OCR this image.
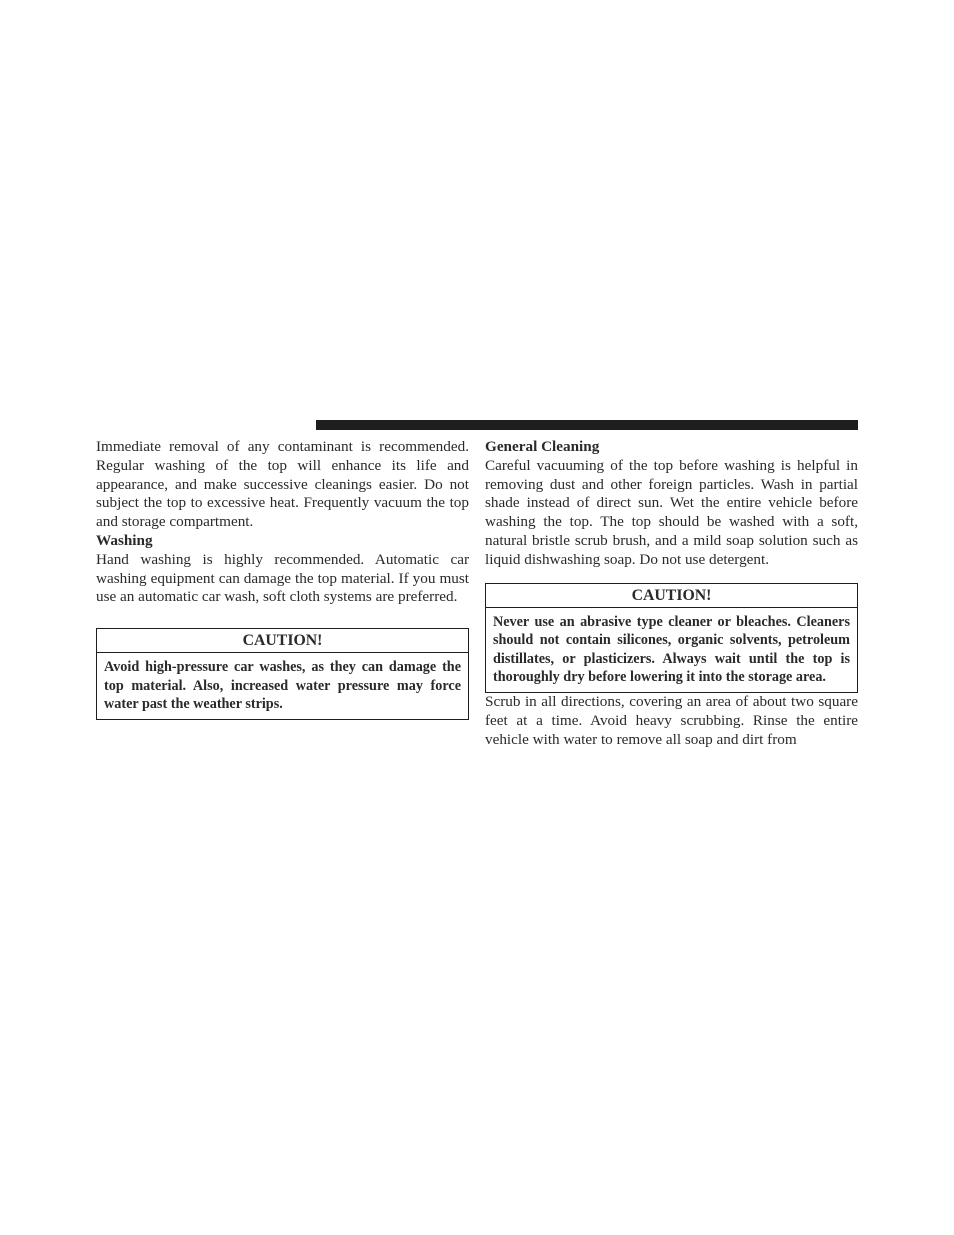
Immediate removal of any contaminant is recommended. Regular washing of the top will enhance its life and appearance, and make successive cleanings easier. Do not subject the top to excessive heat. Frequently vacuum the top and storage compartment.

Washing

Hand washing is highly recommended. Automatic car washing equipment can damage the top material. If you must use an automatic car wash, soft cloth systems are preferred.

CAUTION!
Avoid high-pressure car washes, as they can damage the top material. Also, increased water pressure may force water past the weather strips.
General Cleaning

Careful vacuuming of the top before washing is helpful in removing dust and other foreign particles. Wash in partial shade instead of direct sun. Wet the entire vehicle before washing the top. The top should be washed with a soft, natural bristle scrub brush, and a mild soap solution such as liquid dishwashing soap. Do not use detergent.

CAUTION!
Never use an abrasive type cleaner or bleaches. Cleaners should not contain silicones, organic solvents, petroleum distillates, or plasticizers. Always wait until the top is thoroughly dry before lowering it into the storage area.

Scrub in all directions, covering an area of about two square feet at a time. Avoid heavy scrubbing. Rinse the entire vehicle with water to remove all soap and dirt from
